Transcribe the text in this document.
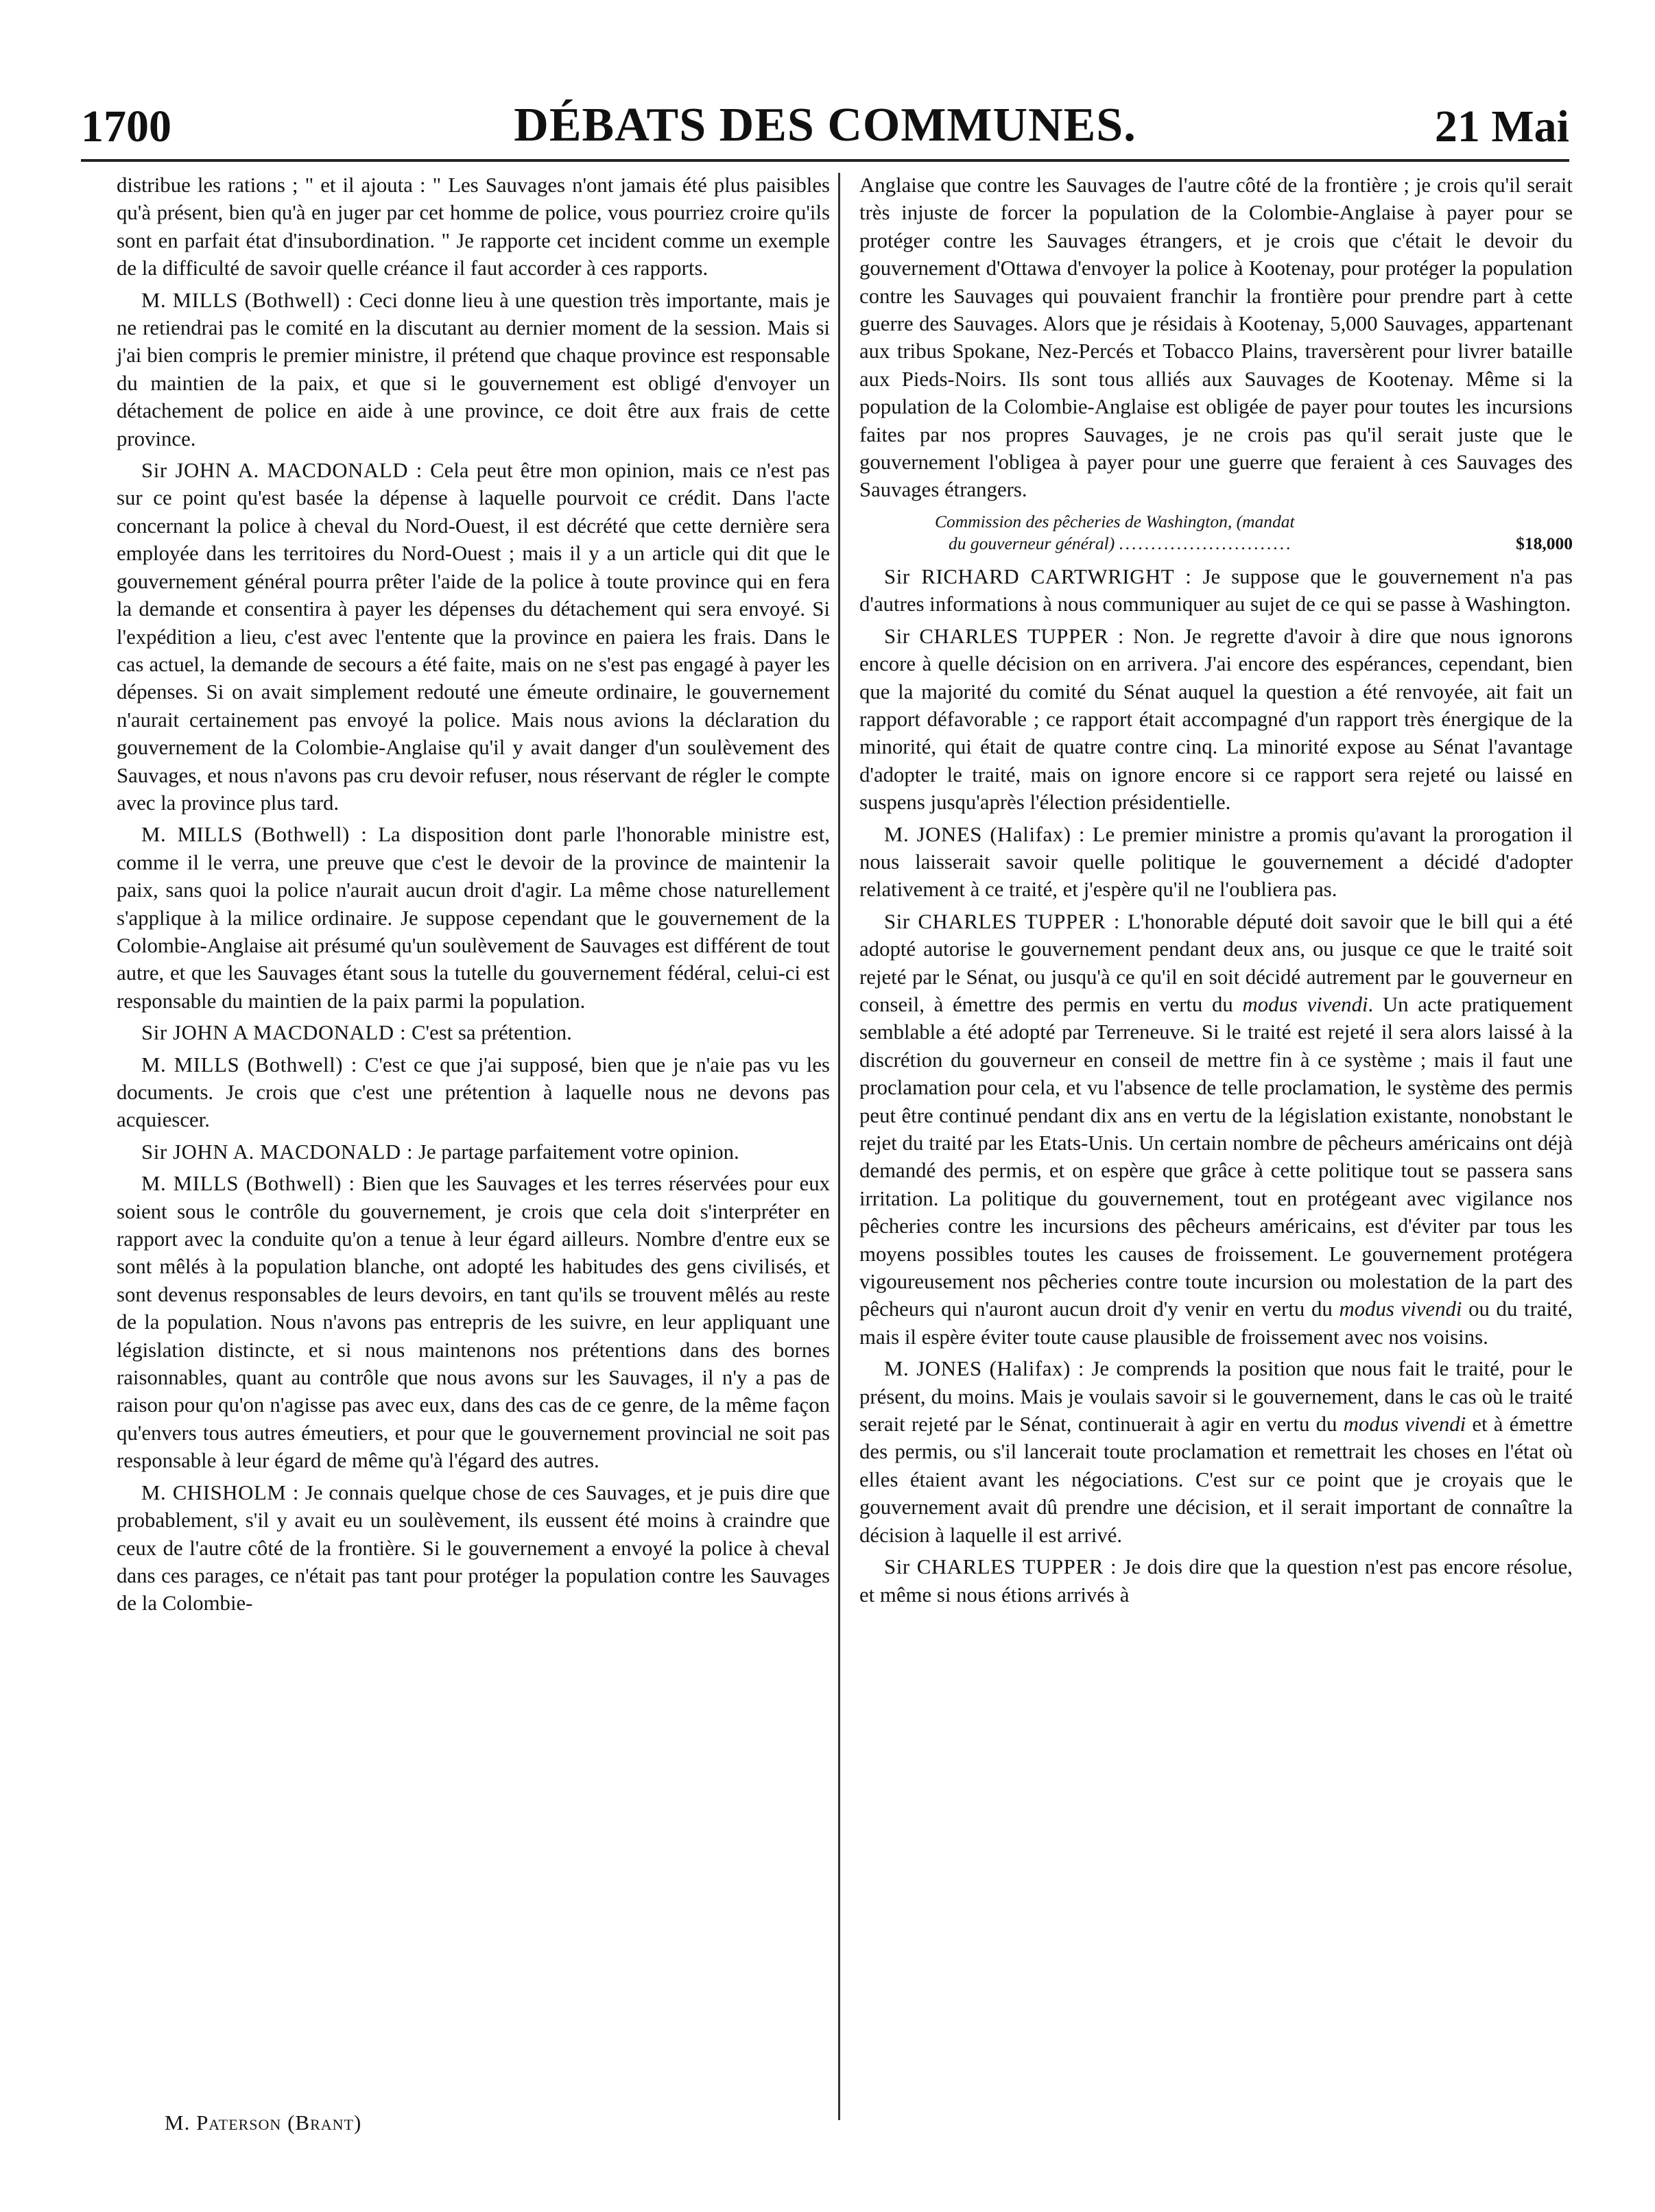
DÉBATS DES COMMUNES.
1700	21 Mai

distribue les rations ; " et il ajouta : " Les Sauvages n'ont jamais été plus paisibles qu'à présent, bien qu'à en juger par cet homme de police, vous pourriez croire qu'ils sont en parfait état d'insubordination. " Je rapporte cet incident comme un exemple de la difficulté de savoir quelle créance il faut accorder à ces rapports.

M. MILLS (Bothwell) : Ceci donne lieu à une question très importante, mais je ne retiendrai pas le comité en la discutant au dernier moment de la session. Mais si j'ai bien compris le premier ministre, il prétend que chaque province est responsable du maintien de la paix, et que si le gouvernement est obligé d'envoyer un détachement de police en aide à une province, ce doit être aux frais de cette province.

Sir JOHN A. MACDONALD : Cela peut être mon opinion, mais ce n'est pas sur ce point qu'est basée la dépense à laquelle pourvoit ce crédit. Dans l'acte concernant la police à cheval du Nord-Ouest, il est décrété que cette dernière sera employée dans les territoires du Nord-Ouest ; mais il y a un article qui dit que le gouvernement général pourra prêter l'aide de la police à toute province qui en fera la demande et consentira à payer les dépenses du détachement qui sera envoyé. Si l'expédition a lieu, c'est avec l'entente que la province en paiera les frais. Dans le cas actuel, la demande de secours a été faite, mais on ne s'est pas engagé à payer les dépenses. Si on avait simplement redouté une émeute ordinaire, le gouvernement n'aurait certainement pas envoyé la police. Mais nous avions la déclaration du gouvernement de la Colombie-Anglaise qu'il y avait danger d'un soulèvement des Sauvages, et nous n'avons pas cru devoir refuser, nous réservant de régler le compte avec la province plus tard.

M. MILLS (Bothwell) : La disposition dont parle l'honorable ministre est, comme il le verra, une preuve que c'est le devoir de la province de maintenir la paix, sans quoi la police n'aurait aucun droit d'agir. La même chose naturellement s'applique à la milice ordinaire. Je suppose cependant que le gouvernement de la Colombie-Anglaise ait présumé qu'un soulèvement de Sauvages est différent de tout autre, et que les Sauvages étant sous la tutelle du gouvernement fédéral, celui-ci est responsable du maintien de la paix parmi la population.

Sir JOHN A MACDONALD : C'est sa prétention.

M. MILLS (Bothwell) : C'est ce que j'ai supposé, bien que je n'aie pas vu les documents. Je crois que c'est une prétention à laquelle nous ne devons pas acquiescer.

Sir JOHN A. MACDONALD : Je partage parfaitement votre opinion.

M. MILLS (Bothwell) : Bien que les Sauvages et les terres réservées pour eux soient sous le contrôle du gouvernement, je crois que cela doit s'interpréter en rapport avec la conduite qu'on a tenue à leur égard ailleurs. Nombre d'entre eux se sont mêlés à la population blanche, ont adopté les habitudes des gens civilisés, et sont devenus responsables de leurs devoirs, en tant qu'ils se trouvent mêlés au reste de la population. Nous n'avons pas entrepris de les suivre, en leur appliquant une législation distincte, et si nous maintenons nos prétentions dans des bornes raisonnables, quant au contrôle que nous avons sur les Sauvages, il n'y a pas de raison pour qu'on n'agisse pas avec eux, dans des cas de ce genre, de la même façon qu'envers tous autres émeutiers, et pour que le gouvernement provincial ne soit pas responsable à leur égard de même qu'à l'égard des autres.

M. CHISHOLM : Je connais quelque chose de ces Sauvages, et je puis dire que probablement, s'il y avait eu un soulèvement, ils eussent été moins à craindre que ceux de l'autre côté de la frontière. Si le gouvernement a envoyé la police à cheval dans ces parages, ce n'était pas tant pour protéger la population contre les Sauvages de la Colombie-

Anglaise que contre les Sauvages de l'autre côté de la frontière ; je crois qu'il serait très injuste de forcer la population de la Colombie-Anglaise à payer pour se protéger contre les Sauvages étrangers, et je crois que c'était le devoir du gouvernement d'Ottawa d'envoyer la police à Kootenay, pour protéger la population contre les Sauvages qui pouvaient franchir la frontière pour prendre part à cette guerre des Sauvages. Alors que je résidais à Kootenay, 5,000 Sauvages, appartenant aux tribus Spokane, Nez-Percés et Tobacco Plains, traversèrent pour livrer bataille aux Pieds-Noirs. Ils sont tous alliés aux Sauvages de Kootenay. Même si la population de la Colombie-Anglaise est obligée de payer pour toutes les incursions faites par nos propres Sauvages, je ne crois pas qu'il serait juste que le gouvernement l'obligea à payer pour une guerre que feraient à ces Sauvages des Sauvages étrangers.

Commission des pêcheries de Washington, (mandat
du gouverneur général) ...........................	$18,000

Sir RICHARD CARTWRIGHT : Je suppose que le gouvernement n'a pas d'autres informations à nous communiquer au sujet de ce qui se passe à Washington.

Sir CHARLES TUPPER : Non. Je regrette d'avoir à dire que nous ignorons encore à quelle décision on en arrivera. J'ai encore des espérances, cependant, bien que la majorité du comité du Sénat auquel la question a été renvoyée, ait fait un rapport défavorable ; ce rapport était accompagné d'un rapport très énergique de la minorité, qui était de quatre contre cinq. La minorité expose au Sénat l'avantage d'adopter le traité, mais on ignore encore si ce rapport sera rejeté ou laissé en suspens jusqu'après l'élection présidentielle.

M. JONES (Halifax) : Le premier ministre a promis qu'avant la prorogation il nous laisserait savoir quelle politique le gouvernement a décidé d'adopter relativement à ce traité, et j'espère qu'il ne l'oubliera pas.

Sir CHARLES TUPPER : L'honorable député doit savoir que le bill qui a été adopté autorise le gouvernement pendant deux ans, ou jusque ce que le traité soit rejeté par le Sénat, ou jusqu'à ce qu'il en soit décidé autrement par le gouverneur en conseil, à émettre des permis en vertu du modus vivendi. Un acte pratiquement semblable a été adopté par Terreneuve. Si le traité est rejeté il sera alors laissé à la discrétion du gouverneur en conseil de mettre fin à ce système ; mais il faut une proclamation pour cela, et vu l'absence de telle proclamation, le système des permis peut être continué pendant dix ans en vertu de la législation existante, nonobstant le rejet du traité par les Etats-Unis. Un certain nombre de pêcheurs américains ont déjà demandé des permis, et on espère que grâce à cette politique tout se passera sans irritation. La politique du gouvernement, tout en protégeant avec vigilance nos pêcheries contre les incursions des pêcheurs américains, est d'éviter par tous les moyens possibles toutes les causes de froissement. Le gouvernement protégera vigoureusement nos pêcheries contre toute incursion ou molestation de la part des pêcheurs qui n'auront aucun droit d'y venir en vertu du modus vivendi ou du traité, mais il espère éviter toute cause plausible de froissement avec nos voisins.

M. JONES (Halifax) : Je comprends la position que nous fait le traité, pour le présent, du moins. Mais je voulais savoir si le gouvernement, dans le cas où le traité serait rejeté par le Sénat, continuerait à agir en vertu du modus vivendi et à émettre des permis, ou s'il lancerait toute proclamation et remettrait les choses en l'état où elles étaient avant les négociations. C'est sur ce point que je croyais que le gouvernement avait dû prendre une décision, et il serait important de connaître la décision à laquelle il est arrivé.

Sir CHARLES TUPPER : Je dois dire que la question n'est pas encore résolue, et même si nous étions arrivés à

M. Paterson (Brant)
